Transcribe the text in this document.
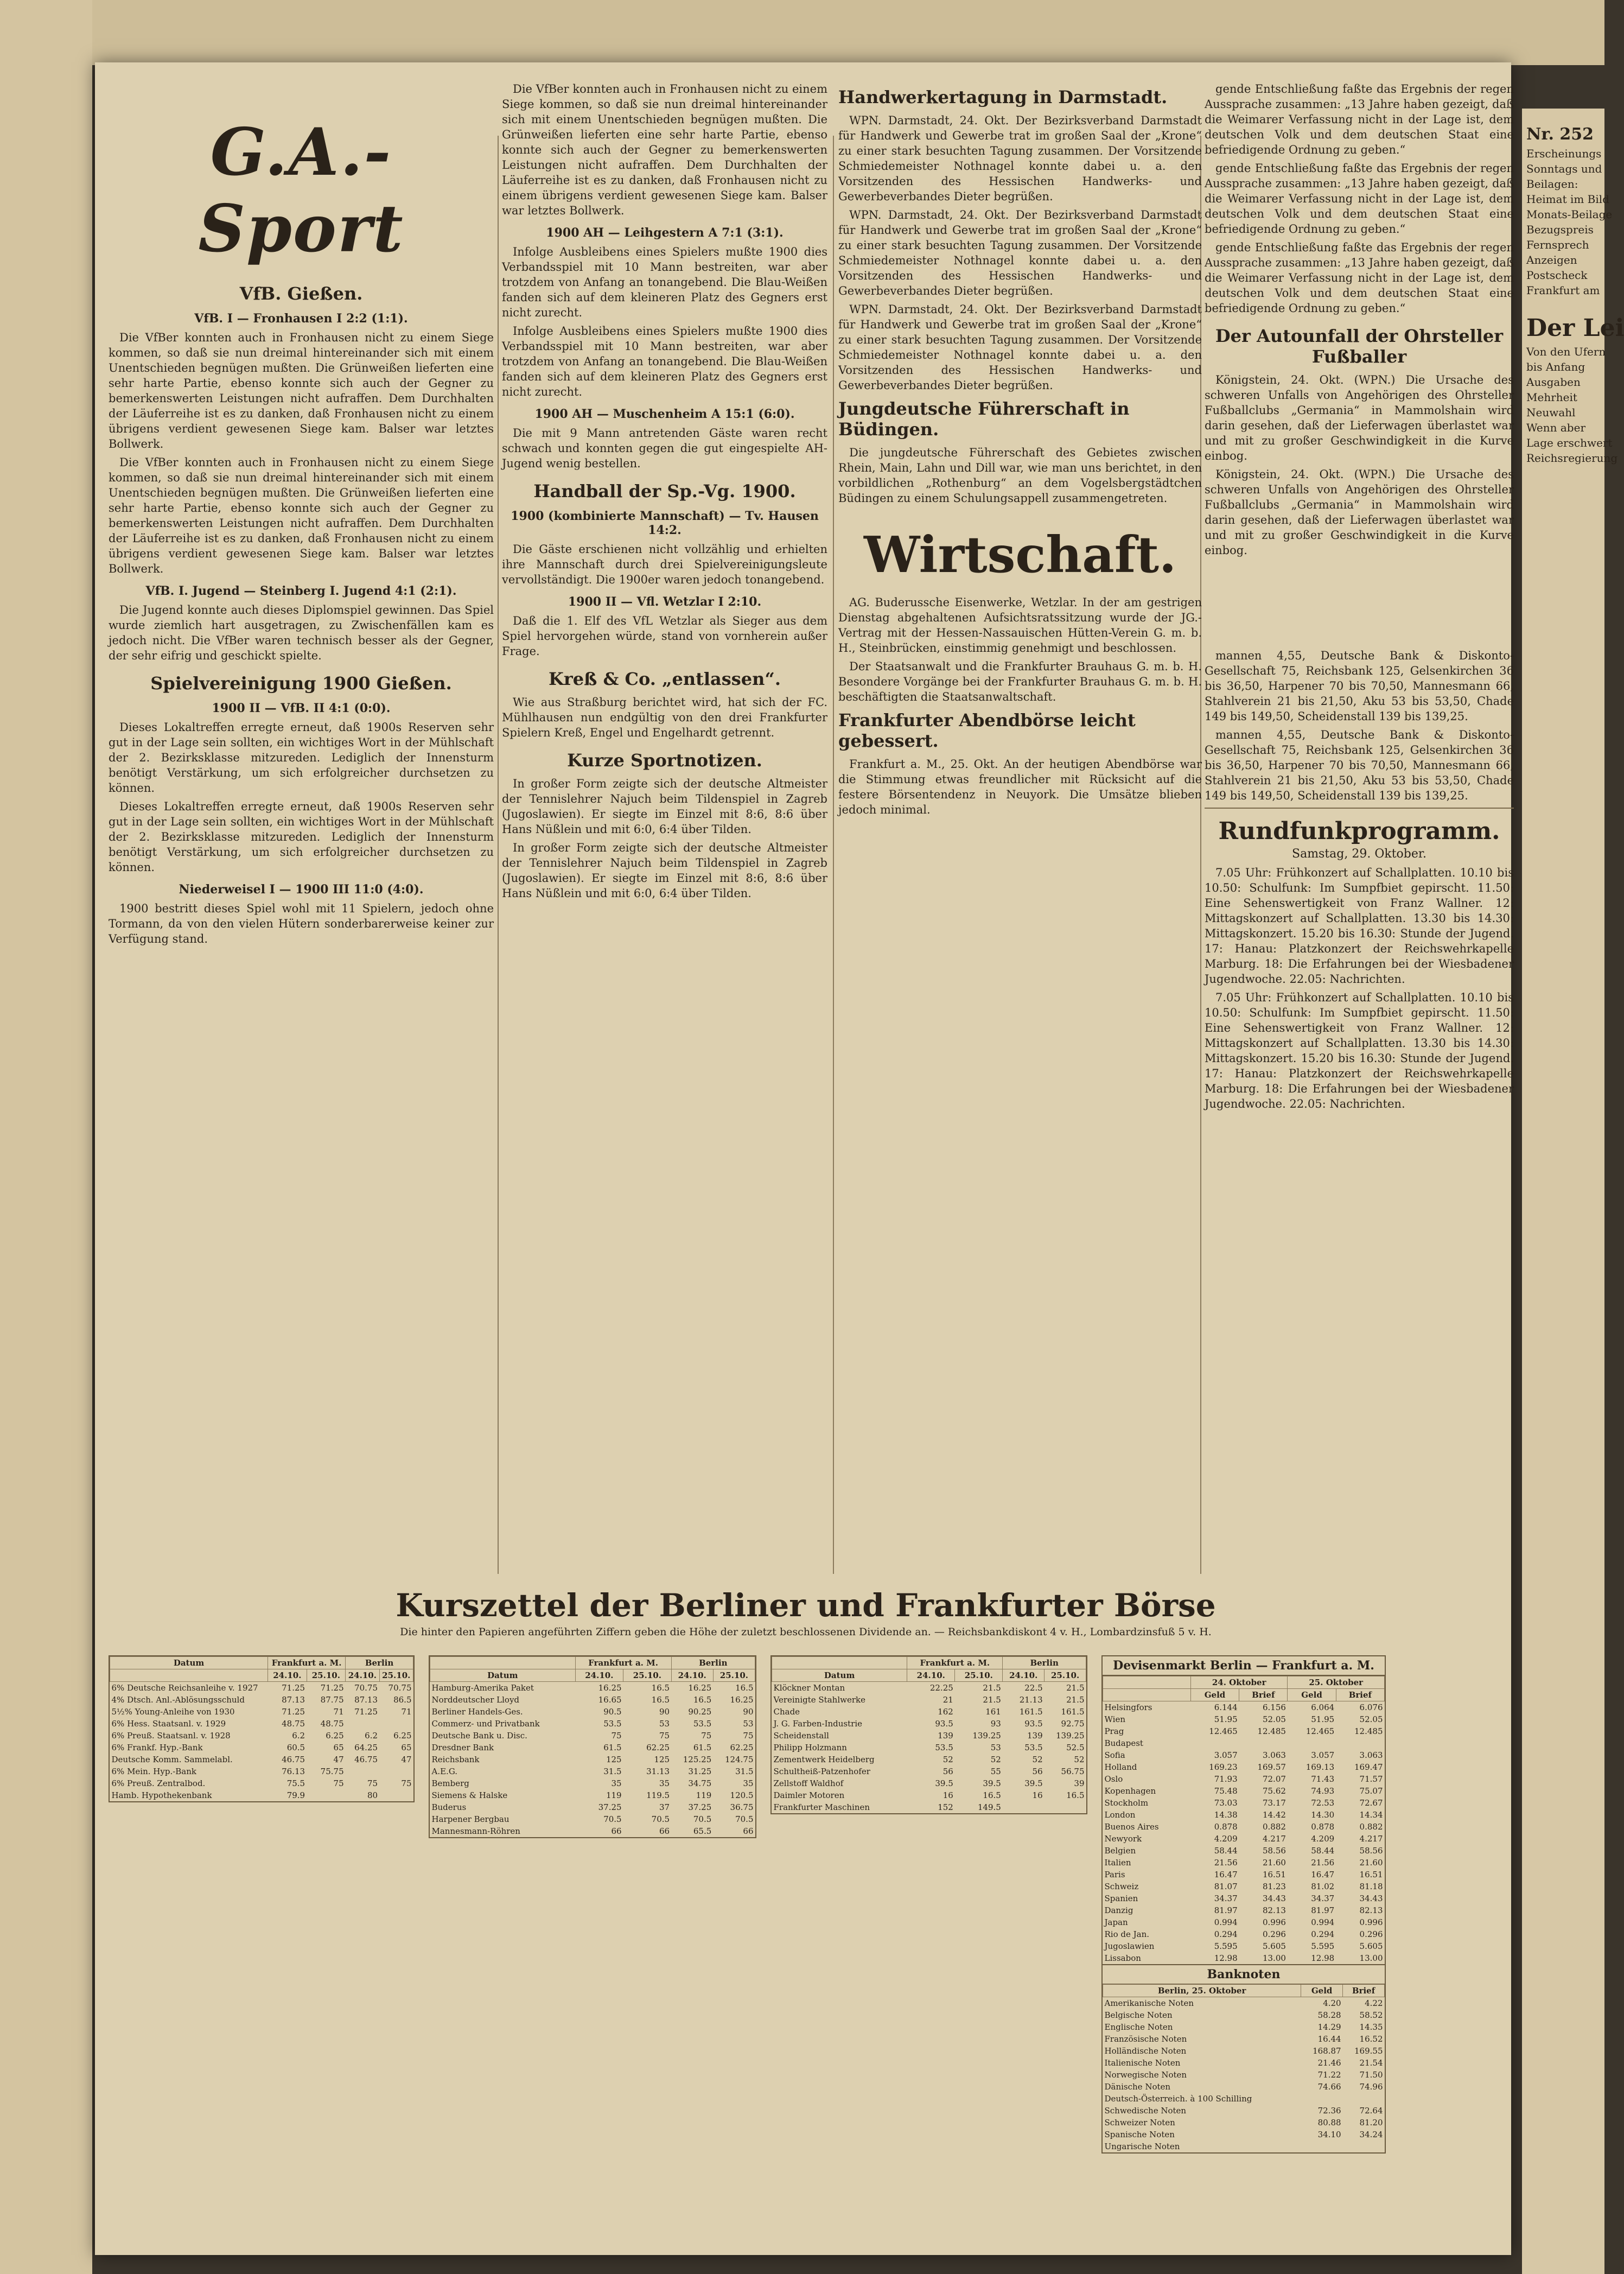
Nr. 252
Erscheinungs
Sonntags und
Beilagen:
Heimat im Bild
Monats-Beilage
Bezugspreis
Fernsprech
Anzeigen
Postscheck
Frankfurt am
Der Lei
Von den Ufern
bis Anfang
Ausgaben
Mehrheit
Neuwahl
Wenn aber
Lage erschwert
Reichsregierung
G.A.-Sport
VfB. Gießen.
VfB. I — Fronhausen I 2:2 (1:1).

Die VfBer konnten auch in Fronhausen nicht zu einem Siege kommen, so daß sie nun dreimal hintereinander sich mit einem Unentschieden begnügen mußten. Die Grünweißen lieferten eine sehr harte Partie, ebenso konnte sich auch der Gegner zu bemerkenswerten Leistungen nicht aufraffen. Dem Durchhalten der Läuferreihe ist es zu danken, daß Fronhausen nicht zu einem übrigens verdient gewesenen Siege kam. Balser war letztes Bollwerk.

Die VfBer konnten auch in Fronhausen nicht zu einem Siege kommen, so daß sie nun dreimal hintereinander sich mit einem Unentschieden begnügen mußten. Die Grünweißen lieferten eine sehr harte Partie, ebenso konnte sich auch der Gegner zu bemerkenswerten Leistungen nicht aufraffen. Dem Durchhalten der Läuferreihe ist es zu danken, daß Fronhausen nicht zu einem übrigens verdient gewesenen Siege kam. Balser war letztes Bollwerk.

VfB. I. Jugend — Steinberg I. Jugend 4:1 (2:1).

Die Jugend konnte auch dieses Diplomspiel gewinnen. Das Spiel wurde ziemlich hart ausgetragen, zu Zwischenfällen kam es jedoch nicht. Die VfBer waren technisch besser als der Gegner, der sehr eifrig und geschickt spielte.

Spielvereinigung 1900 Gießen.
1900 II — VfB. II 4:1 (0:0).

Dieses Lokaltreffen erregte erneut, daß 1900s Reserven sehr gut in der Lage sein sollten, ein wichtiges Wort in der Mühlschaft der 2. Bezirksklasse mitzureden. Lediglich der Innensturm benötigt Verstärkung, um sich erfolgreicher durchsetzen zu können.

Dieses Lokaltreffen erregte erneut, daß 1900s Reserven sehr gut in der Lage sein sollten, ein wichtiges Wort in der Mühlschaft der 2. Bezirksklasse mitzureden. Lediglich der Innensturm benötigt Verstärkung, um sich erfolgreicher durchsetzen zu können.

Niederweisel I — 1900 III 11:0 (4:0).

1900 bestritt dieses Spiel wohl mit 11 Spielern, jedoch ohne Tormann, da von den vielen Hütern sonderbarerweise keiner zur Verfügung stand.

Die VfBer konnten auch in Fronhausen nicht zu einem Siege kommen, so daß sie nun dreimal hintereinander sich mit einem Unentschieden begnügen mußten. Die Grünweißen lieferten eine sehr harte Partie, ebenso konnte sich auch der Gegner zu bemerkenswerten Leistungen nicht aufraffen. Dem Durchhalten der Läuferreihe ist es zu danken, daß Fronhausen nicht zu einem übrigens verdient gewesenen Siege kam. Balser war letztes Bollwerk.

1900 AH — Leihgestern A 7:1 (3:1).

Infolge Ausbleibens eines Spielers mußte 1900 dies Verbandsspiel mit 10 Mann bestreiten, war aber trotzdem von Anfang an tonangebend. Die Blau-Weißen fanden sich auf dem kleineren Platz des Gegners erst nicht zurecht.

Infolge Ausbleibens eines Spielers mußte 1900 dies Verbandsspiel mit 10 Mann bestreiten, war aber trotzdem von Anfang an tonangebend. Die Blau-Weißen fanden sich auf dem kleineren Platz des Gegners erst nicht zurecht.

1900 AH — Muschenheim A 15:1 (6:0).

Die mit 9 Mann antretenden Gäste waren recht schwach und konnten gegen die gut eingespielte AH-Jugend wenig bestellen.

Handball der Sp.-Vg. 1900.
1900 (kombinierte Mannschaft) — Tv. Hausen 14:2.

Die Gäste erschienen nicht vollzählig und erhielten ihre Mannschaft durch drei Spielvereinigungsleute vervollständigt. Die 1900er waren jedoch tonangebend.

1900 II — Vfl. Wetzlar I 2:10.

Daß die 1. Elf des VfL Wetzlar als Sieger aus dem Spiel hervorgehen würde, stand von vornherein außer Frage.

Kreß & Co. „entlassen“.

Wie aus Straßburg berichtet wird, hat sich der FC. Mühlhausen nun endgültig von den drei Frankfurter Spielern Kreß, Engel und Engelhardt getrennt.

Kurze Sportnotizen.

In großer Form zeigte sich der deutsche Altmeister der Tennislehrer Najuch beim Tildenspiel in Zagreb (Jugoslawien). Er siegte im Einzel mit 8:6, 8:6 über Hans Nüßlein und mit 6:0, 6:4 über Tilden.

In großer Form zeigte sich der deutsche Altmeister der Tennislehrer Najuch beim Tildenspiel in Zagreb (Jugoslawien). Er siegte im Einzel mit 8:6, 8:6 über Hans Nüßlein und mit 6:0, 6:4 über Tilden.

Handwerkertagung in Darmstadt.

WPN. Darmstadt, 24. Okt. Der Bezirksverband Darmstadt für Handwerk und Gewerbe trat im großen Saal der „Krone“ zu einer stark besuchten Tagung zusammen. Der Vorsitzende Schmiedemeister Nothnagel konnte dabei u. a. den Vorsitzenden des Hessischen Handwerks- und Gewerbeverbandes Dieter begrüßen.

WPN. Darmstadt, 24. Okt. Der Bezirksverband Darmstadt für Handwerk und Gewerbe trat im großen Saal der „Krone“ zu einer stark besuchten Tagung zusammen. Der Vorsitzende Schmiedemeister Nothnagel konnte dabei u. a. den Vorsitzenden des Hessischen Handwerks- und Gewerbeverbandes Dieter begrüßen.

WPN. Darmstadt, 24. Okt. Der Bezirksverband Darmstadt für Handwerk und Gewerbe trat im großen Saal der „Krone“ zu einer stark besuchten Tagung zusammen. Der Vorsitzende Schmiedemeister Nothnagel konnte dabei u. a. den Vorsitzenden des Hessischen Handwerks- und Gewerbeverbandes Dieter begrüßen.

Jungdeutsche Führerschaft in Büdingen.

Die jungdeutsche Führerschaft des Gebietes zwischen Rhein, Main, Lahn und Dill war, wie man uns berichtet, in den vorbildlichen „Rothenburg“ an dem Vogelsbergstädtchen Büdingen zu einem Schulungsappell zusammengetreten.

Wirtschaft.

AG. Buderussche Eisenwerke, Wetzlar. In der am gestrigen Dienstag abgehaltenen Aufsichtsratssitzung wurde der JG.-Vertrag mit der Hessen-Nassauischen Hütten-Verein G. m. b. H., Steinbrücken, einstimmig genehmigt und beschlossen.

Der Staatsanwalt und die Frankfurter Brauhaus G. m. b. H. Besondere Vorgänge bei der Frankfurter Brauhaus G. m. b. H. beschäftigten die Staatsanwaltschaft.

Frankfurter Abendbörse leicht gebessert.

Frankfurt a. M., 25. Okt. An der heutigen Abendbörse war die Stimmung etwas freundlicher mit Rücksicht auf die festere Börsentendenz in Neuyork. Die Umsätze blieben jedoch minimal.

gende Entschließung faßte das Ergebnis der regen Aussprache zusammen: „13 Jahre haben gezeigt, daß die Weimarer Verfassung nicht in der Lage ist, dem deutschen Volk und dem deutschen Staat eine befriedigende Ordnung zu geben.“

gende Entschließung faßte das Ergebnis der regen Aussprache zusammen: „13 Jahre haben gezeigt, daß die Weimarer Verfassung nicht in der Lage ist, dem deutschen Volk und dem deutschen Staat eine befriedigende Ordnung zu geben.“

gende Entschließung faßte das Ergebnis der regen Aussprache zusammen: „13 Jahre haben gezeigt, daß die Weimarer Verfassung nicht in der Lage ist, dem deutschen Volk und dem deutschen Staat eine befriedigende Ordnung zu geben.“

Der Autounfall der Ohrsteller Fußballer

Königstein, 24. Okt. (WPN.) Die Ursache des schweren Unfalls von Angehörigen des Ohrsteller Fußballclubs „Germania“ in Mammolshain wird darin gesehen, daß der Lieferwagen überlastet war und mit zu großer Geschwindigkeit in die Kurve einbog.

Königstein, 24. Okt. (WPN.) Die Ursache des schweren Unfalls von Angehörigen des Ohrsteller Fußballclubs „Germania“ in Mammolshain wird darin gesehen, daß der Lieferwagen überlastet war und mit zu großer Geschwindigkeit in die Kurve einbog.

mannen 4,55, Deutsche Bank & Diskonto-Gesellschaft 75, Reichsbank 125, Gelsenkirchen 36 bis 36,50, Harpener 70 bis 70,50, Mannesmann 66, Stahlverein 21 bis 21,50, Aku 53 bis 53,50, Chade 149 bis 149,50, Scheidenstall 139 bis 139,25.

mannen 4,55, Deutsche Bank & Diskonto-Gesellschaft 75, Reichsbank 125, Gelsenkirchen 36 bis 36,50, Harpener 70 bis 70,50, Mannesmann 66, Stahlverein 21 bis 21,50, Aku 53 bis 53,50, Chade 149 bis 149,50, Scheidenstall 139 bis 139,25.

Rundfunkprogramm.
Samstag, 29. Oktober.

7.05 Uhr: Frühkonzert auf Schallplatten. 10.10 bis 10.50: Schulfunk: Im Sumpfbiet gepirscht. 11.50: Eine Sehenswertigkeit von Franz Wallner. 12: Mittagskonzert auf Schallplatten. 13.30 bis 14.30: Mittagskonzert. 15.20 bis 16.30: Stunde der Jugend. 17: Hanau: Platzkonzert der Reichswehrkapelle Marburg. 18: Die Erfahrungen bei der Wiesbadener Jugendwoche. 22.05: Nachrichten.

7.05 Uhr: Frühkonzert auf Schallplatten. 10.10 bis 10.50: Schulfunk: Im Sumpfbiet gepirscht. 11.50: Eine Sehenswertigkeit von Franz Wallner. 12: Mittagskonzert auf Schallplatten. 13.30 bis 14.30: Mittagskonzert. 15.20 bis 16.30: Stunde der Jugend. 17: Hanau: Platzkonzert der Reichswehrkapelle Marburg. 18: Die Erfahrungen bei der Wiesbadener Jugendwoche. 22.05: Nachrichten.

Kurszettel der Berliner und Frankfurter Börse
Die hinter den Papieren angeführten Ziffern geben die Höhe der zuletzt beschlossenen Dividende an. — Reichsbankdiskont 4 v. H., Lombardzinsfuß 5 v. H.
Datum	Frankfurt a. M.		Berlin	
	24.10.	25.10.	24.10.	25.10.
6% Deutsche Reichsanleihe v. 1927	71.25	71.25	70.75	70.75
4% Dtsch. Anl.-Ablösungsschuld	87.13	87.75	87.13	86.5
5½% Young-Anleihe von 1930	71.25	71	71.25	71
6% Hess. Staatsanl. v. 1929	48.75	48.75		
6% Preuß. Staatsanl. v. 1928	6.2	6.25	6.2	6.25
6% Frankf. Hyp.-Bank	60.5	65	64.25	65
Deutsche Komm. Sammelabl.	46.75	47	46.75	47
6% Mein. Hyp.-Bank	76.13	75.75		
6% Preuß. Zentralbod.	75.5	75	75	75
Hamb. Hypothekenbank	79.9		80	
	Frankfurt a. M.		Berlin	
Datum	24.10.	25.10.	24.10.	25.10.
Hamburg-Amerika Paket	16.25	16.5	16.25	16.5
Norddeutscher Lloyd	16.65	16.5	16.5	16.25
Berliner Handels-Ges.	90.5	90	90.25	90
Commerz- und Privatbank	53.5	53	53.5	53
Deutsche Bank u. Disc.	75	75	75	75
Dresdner Bank	61.5	62.25	61.5	62.25
Reichsbank	125	125	125.25	124.75
A.E.G.	31.5	31.13	31.25	31.5
Bemberg	35	35	34.75	35
Siemens & Halske	119	119.5	119	120.5
Buderus	37.25	37	37.25	36.75
Harpener Bergbau	70.5	70.5	70.5	70.5
Mannesmann-Röhren	66	66	65.5	66
	Frankfurt a. M.		Berlin	
Datum	24.10.	25.10.	24.10.	25.10.
Klöckner Montan	22.25	21.5	22.5	21.5
Vereinigte Stahlwerke	21	21.5	21.13	21.5
Chade	162	161	161.5	161.5
J. G. Farben-Industrie	93.5	93	93.5	92.75
Scheidenstall	139	139.25	139	139.25
Philipp Holzmann	53.5	53	53.5	52.5
Zementwerk Heidelberg	52	52	52	52
Schultheiß-Patzenhofer	56	55	56	56.75
Zellstoff Waldhof	39.5	39.5	39.5	39
Daimler Motoren	16	16.5	16	16.5
Frankfurter Maschinen	152	149.5		
Devisenmarkt Berlin — Frankfurt a. M.
	24. Oktober		25. Oktober	
	Geld	Brief	Geld	Brief
Helsingfors	6.144	6.156	6.064	6.076
Wien	51.95	52.05	51.95	52.05
Prag	12.465	12.485	12.465	12.485
Budapest				
Sofia	3.057	3.063	3.057	3.063
Holland	169.23	169.57	169.13	169.47
Oslo	71.93	72.07	71.43	71.57
Kopenhagen	75.48	75.62	74.93	75.07
Stockholm	73.03	73.17	72.53	72.67
London	14.38	14.42	14.30	14.34
Buenos Aires	0.878	0.882	0.878	0.882
Newyork	4.209	4.217	4.209	4.217
Belgien	58.44	58.56	58.44	58.56
Italien	21.56	21.60	21.56	21.60
Paris	16.47	16.51	16.47	16.51
Schweiz	81.07	81.23	81.02	81.18
Spanien	34.37	34.43	34.37	34.43
Danzig	81.97	82.13	81.97	82.13
Japan	0.994	0.996	0.994	0.996
Rio de Jan.	0.294	0.296	0.294	0.296
Jugoslawien	5.595	5.605	5.595	5.605
Lissabon	12.98	13.00	12.98	13.00
Banknoten
Berlin, 25. Oktober	Geld	Brief
Amerikanische Noten	4.20	4.22
Belgische Noten	58.28	58.52
Englische Noten	14.29	14.35
Französische Noten	16.44	16.52
Holländische Noten	168.87	169.55
Italienische Noten	21.46	21.54
Norwegische Noten	71.22	71.50
Dänische Noten	74.66	74.96
Deutsch-Österreich. à 100 Schilling		
Schwedische Noten	72.36	72.64
Schweizer Noten	80.88	81.20
Spanische Noten	34.10	34.24
Ungarische Noten		
